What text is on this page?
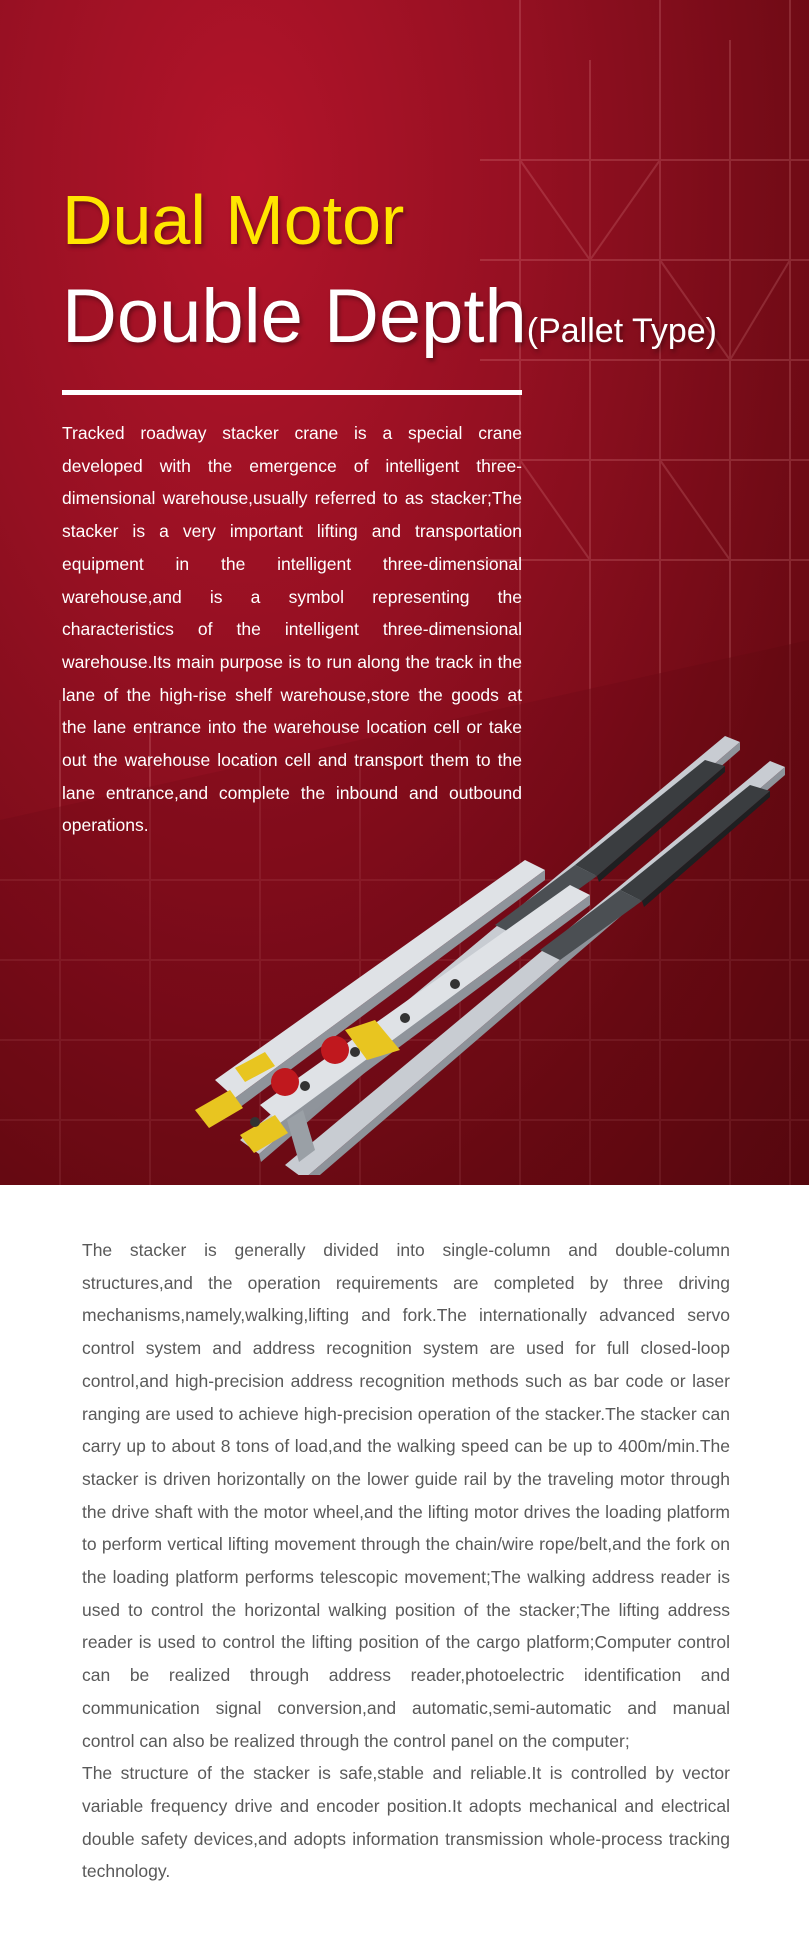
Dual Motor
Double Depth(Pallet Type)

Tracked roadway stacker crane is a special crane developed with the emergence of intelligent three-dimensional warehouse,usually referred to as stacker;The stacker is a very important lifting and transportation equipment in the intelligent three-dimensional warehouse,and is a symbol representing the characteristics of the intelligent three-dimensional warehouse.Its main purpose is to run along the track in the lane of the high-rise shelf warehouse,store the goods at the lane entrance into the warehouse location cell or take out the warehouse location cell and transport them to the lane entrance,and complete the inbound and outbound operations.

The stacker is generally divided into single-column and double-column structures,and the operation requirements are completed by three driving mechanisms,namely,walking,lifting and fork.The internationally advanced servo control system and address recognition system are used for full closed-loop control,and high-precision address recognition methods such as bar code or laser ranging are used to achieve high-precision operation of the stacker.The stacker can carry up to about 8 tons of load,and the walking speed can be up to 400m/min.The stacker is driven horizontally on the lower guide rail by the traveling motor through the drive shaft with the motor wheel,and the lifting motor drives the loading platform to perform vertical lifting movement through the chain/wire rope/belt,and the fork on the loading platform performs telescopic movement;The walking address reader is used to control the horizontal walking position of the stacker;The lifting address reader is used to control the lifting position of the cargo platform;Computer control can be realized through address reader,photoelectric identification and communication signal conversion,and automatic,semi-automatic and manual control can also be realized through the control panel on the computer;

The structure of the stacker is safe,stable and reliable.It is controlled by vector variable frequency drive and encoder position.It adopts mechanical and electrical double safety devices,and adopts information transmission whole-process tracking technology.
